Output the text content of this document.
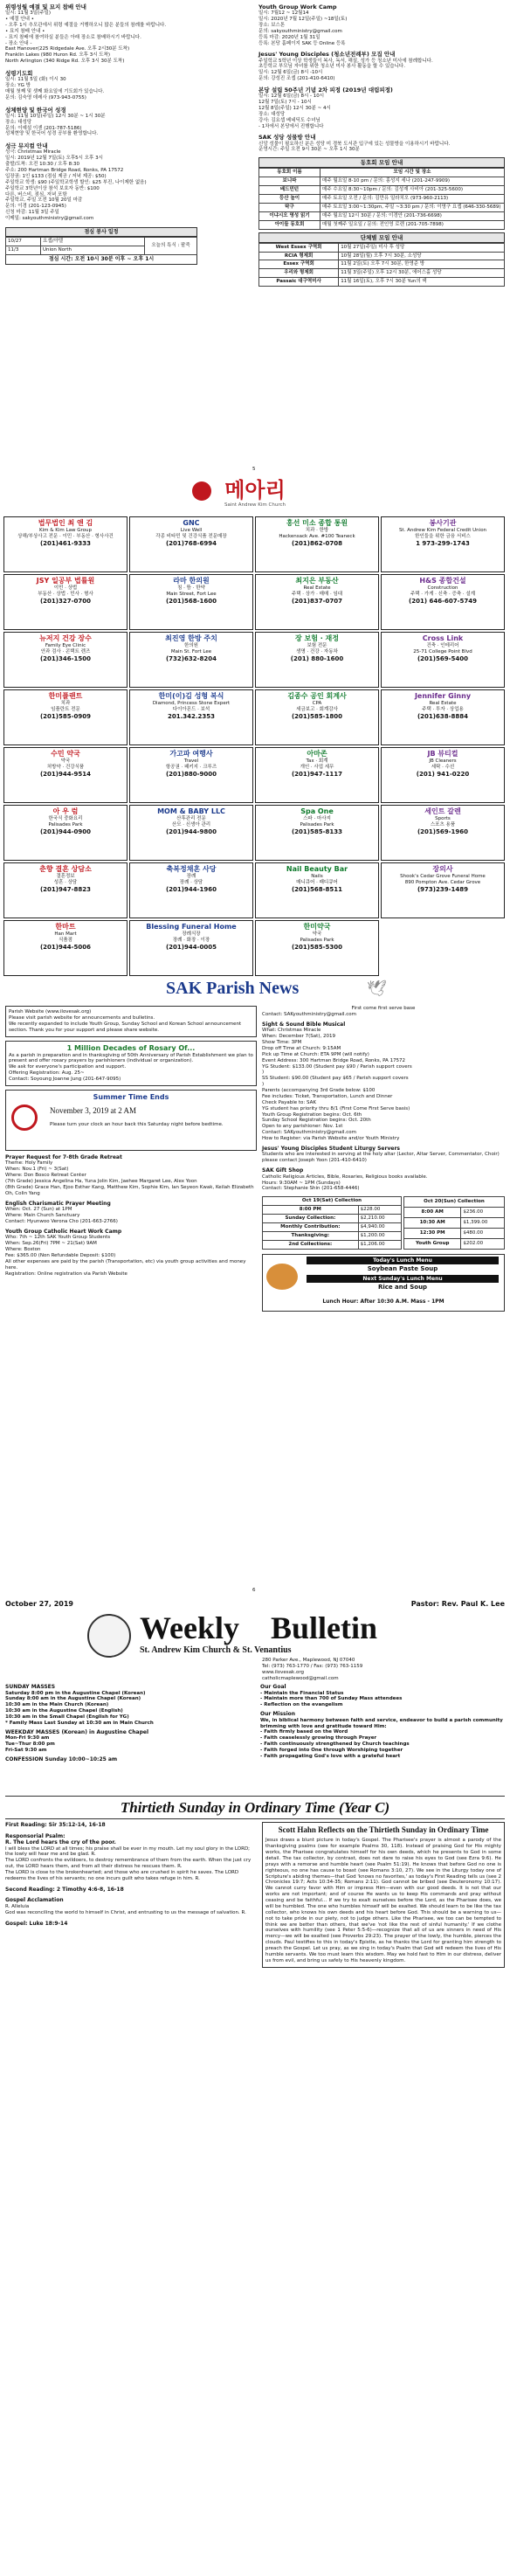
위령성월 예절 및 묘지 참배 안내
일시: 11월 3일(주일)
• 예절 안내 •
- 오후 1시 추모관에서 위령 예절을 거행하오니 많은 분들의 참례를 바랍니다.
• 묘지 참배 안내 •
- 묘지 참배에 참여하실 분들은 아래 장소로 참배하시기 바랍니다.
- 장소 안내 -
East Hanover(225 Ridgedale Ave. 오후 2시30분 도착)
Franklin Lakes (980 Huron Rd. 오후 3시 도착)
North Arlington (340 Ridge Rd. 오후 3시 30분 도착)
성령기도회
일시: 11월 5일 (화) 이시 30
장소: YG 방
매월 첫째 및 셋째 화요일에 기도회가 있습니다.
문의: 김숙영 데레사 (973-943-0755)
성체현양 및 한국어 성경
일시: 11월 10일(주일) 12시 30분 ~ 1시 30분
장소: 대성당
문의: 이예설 이센 (201-787-5186)
성체현양 및 한국어 성경 공부를 환영합니다.
성극 뮤지컬 안내
성극: Christmas Miracle
일시: 2019년 12월 7일(토) 오후5시 오후 3시
출발/도착: 오전 10:30 / 오후 8:30
주소: 200 Hartman Bridge Road, Ronks, PA 17572
입장권: 1인 $133 (점심 제공 / 저녁 제공: $50)
주일학교 학생: $90 (주일학교학생 할인: $25 부진, 나이제한 없음)
주일학교 3학년이상 참석 보호자 동반: $100
다른, 버스비, 점심, 저녁 포함
주일학교, 주일 오전 10월 20일 마감
문의: 이경 (201-123-0945)
신청 마감: 11월 3일 주일
이메일: sakyouthministry@gmail.com
점심 봉사 일정
10/27	요셉/아델	오늘의 특식 : 팥죽
11/3	Union North	
점심 시간: 오전 10시 30분 이후 ~ 오후 1시
Youth Group Work Camp
일시: 7월12 ~ 12월14
일시: 2020년 7월 12일(주일) ~18일(토)
장소: 보스톤
문의: sakyouthministry@gmail.com
등록 마감: 2020년 1월 31일
등록: 본당 홈페이지 SAK 등 Online 등록
Jesus' Young Disciples (청소년전례부) 모집 안내
주일학교 5학년 이상 학생들이 복사, 독서, 해설, 성가 등 청소년 미사에 참례합니다.
초등학교 부모님 자녀를 위한 청소년 미사 봉사 활동을 할 수 있습니다.
일시: 12월 6일(금) 8시 -10시
문의: 강성진 조셉 (201-410-6410)
본당 설립 50주년 기념 2차 피정 (2019년 대림피정)
일시: 12월 6일(금) 8시 - 10시
12월 7일(토) 7시 - 10시
12월 8일(주일) 12시 30분 ~ 4시
장소: 대성당
강사: 김요셉 베네딕도 수녀님
- 1차에서 본당에서 진행합니다
SAK 성당 성물방 안내
신앙 성물이 필요하신 분은 성당 미 경북 도서관 입구에 있는 성물방을 이용하시기 바랍니다.
운영시간: 주일 오전 9시 30분 ~ 오후 1시 30분
동호회 모임 안내
동호회 이름	모임 시간 및 장소
보니따	매주 월요일 8-10 pm / 문의: 홍성지 세나 (201-247-9909)
배드민턴	매주 수요일 8:30~10pm / 문의: 김성재 사비아 (201-325-5600)
등산 놀이	매주 토요일 오전 / 문의: 김만유 일라치오 (973-960-2113)
탁구	매주 토요일 3:00~1:30pm, 주일 ~3:30 pm / 문의: 이영구 요셉 (646-330-5689)
이냐시오 영성 읽기	매주 월요일 12시 30분 / 문의: 이경안 (201-736-6698)
아이들 동호회	매월 첫째주 일요일 / 문의: 전인영 로렌 (201-705-7898)
단체별 모임 안내
West Essex 구역회	10월 27일(주일) 미사 후 성당
RCIA 형제회	10월 28일(월) 오후 7시 30분, 소성당
Essex 구역회	11월 2일(토) 오후 7시 30분, 한영준 방
우리와 형제회	11월 3일(주일) 오후 12시 30분, 에어스홀 성당
Passaic 대구역미사	11월 16일(토), 오후 7시 30분 Yun의 댁
5
메아리
Saint Andrew Kim Church
법무법인 최 앤 김
Kim & Kim Law Group
상해/부상사고 전문 · 이민 · 부동산 · 형사사건
(201)461-9333
GNC
Live Well
각종 비타민 및 건강식품 전문매장
(201)768-6994
홍선 미소 종합 통원
치과 · 한방
Hackensack Ave. #100 Teaneck
(201)862-0708
봉사기관
St. Andrew Kim Federal Credit Union
한인들을 위한 금융 서비스
1 973-299-1743
JSY 일공부 법률원
이민 · 상법
부동산 · 상법 · 민사 · 형사
(201)327-0700
라마 한의원
침 · 뜸 · 한약
Main Street, Fort Lee
(201)568-1600
최지은 부동산
Real Estate
주택 · 상가 · 매매 · 임대
(201)837-0707
H&S 종합건설
Construction
주택 · 가게 · 신축 · 증축 · 설계
(201) 646-607-5749
뉴저지 건강 장수
Family Eye Clinic
안과 검사 · 콘택트 렌즈
(201)346-1500
최진영 한방 주치
한의원
Main St. Fort Lee
(732)632-8204
장 보험 · 재정
보험 전문
생명 · 건강 · 자동차
(201) 880-1600
Cross Link
건축 · 인테리어
25-71 College Point Blvd
(201)569-5400
한미플랜트
치과
임플란트 전문
(201)585-0909
한미(이)김 성형 복식
Diamond, Princess Stone Expert
다이아몬드 · 보석
201.342.2353
김종수 공인 회계사
CPA
세금보고 · 회계감사
(201)585-1800
Jennifer Ginny
Real Estate
주택 · 투자 · 상업용
(201)638-8884
수민 약국
약국
처방약 · 건강식품
(201)944-9514
가고파 여행사
Travel
항공권 · 패키지 · 크루즈
(201)880-9000
아마존
Tax · 회계
개인 · 사업 세무
(201)947-1117
JB 뷰티컬
JB Cleaners
세탁 · 수선
(201) 941-0220
아 우 럼
한국식 중화요리
Palisades Park
(201)944-0900
MOM & BABY LLC
산후관리 전문
산모 · 신생아 관리
(201)944-9800
Spa One
스파 · 마사지
Palisades Park
(201)585-8133
세인트 갈렌
Sports
스포츠 용품
(201)569-1960
춘향 결혼 상담소
결혼정보
성혼 · 상담
(201)947-8823
축복정채혼 사당
장례
장례 · 상담
(201)944-1960
Nail Beauty Bar
Nails
매니큐어 · 패디큐어
(201)568-8511
장의사
Shook's Cedar Grove Funeral Home
890 Pompton Ave. Cedar Grove
(973)239-1489
한마트
Han Mart
식품점
(201)944-5006
Blessing Funeral Home
장례식장
장례 · 화장 · 이장
(201)944-0005
한미약국
약국
Palisades Park
(201)585-5300
SAK Parish News	🕊
Parish Website (www.ilovesak.org)
Please visit parish website for announcements and bulletins.
We recently expanded to include Youth Group, Sunday School and Korean School announcement section. Thank you for your support and please share website.
1 Million Decades of Rosary Of...
As a parish in preparation and in thanksgiving of 50th Anniversary of Parish Establishment we plan to present and offer rosary prayers by parishioners (individual or organization).
We ask for everyone's participation and support.
Offering Registration: Aug. 25~
Contact: Soyoung Joanne Jung (201-647-9095)
Summer Time Ends
November 3, 2019 at 2 AM
Please turn your clock an hour back this Saturday night before bedtime.
Prayer Request for 7-8th Grade Retreat
Theme: Holy Family
When: Nov.1 (Fri) ~ 3(Sat)
Where: Don Bosco Retreat Center
(7th Grade) Jessica Angelina Ha, Yuna Jolin Kim, Jaehee Margaret Lee, Alex Yoon
(8th Grade) Grace Han, Ejoo Esther Kang, Matthew Kim, Sophie Kim, Ian Seyeon Kwak, Keilah Elizabeth Oh, Colin Yang
English Charismatic Prayer Meeting
When: Oct. 27 (Sun) at 1PM
Where: Main Church Sanctuary
Contact: Hyunwoo Verona Cho (201-663-2766)
Youth Group Catholic Heart Work Camp
Who: 7th ~ 12th SAK Youth Group Students
When: Sep.26(Fri) 7PM ~ 21(Sat) 9AM
Where: Boston
Fee: $365.00 (Non Refundable Deposit: $100)
All other expenses are paid by the parish (Transportation, etc) via youth group activities and money here.
Registration: Online registration via Parish Website
First come first serve base
Contact: SAKyouthministry@gmail.com
Sight & Sound Bible Musical
What: Christmas Miracle
When: December 7(Sat), 2019
Show Time: 3PM
Drop off Time at Church: 9:15AM
Pick up Time at Church: ETA 9PM (will notify)
Event Address: 300 Hartman Bridge Road, Ronks, PA 17572
YG Student: $133.00 (Student pay $90 / Parish support covers
)
SS Student: $90.00 (Student pay $65 / Parish support covers
)
Parents (accompanying 3rd Grade below: $100
Fee includes: Ticket, Transportation, Lunch and Dinner
Check Payable to: SAK
YG student has priority thru 8/1 (First Come First Serve basis)
Youth Group Registration begins: Oct. 6th
Sunday School Registration begins: Oct. 20th
Open to any parishioner: Nov. 1st
Contact: SAKyouthministry@gmail.com
How to Register: via Parish Website and/or Youth Ministry
Jesus' Young Disciples Student Liturgy Servers
Students who are interested in serving at the holy altar (Lector, Altar Server, Commentator, Choir) please contact Joseph Yoon (201-410-6410)
SAK Gift Shop
Catholic Religious Articles, Bible, Rosaries, Religious books available.
Hours: 9:30AM ~ 1PM (Sundays)
Contact: Stephanie Shin (201-658-4446)
Oct 19(Sat) Collection	
8:00 PM	$228.00
Sunday Collection:	$2,210.00
Monthly Contribution:	$4,940.00
Thanksgiving:	$1,200.00
2nd Collections:	$1,206.00
Oct 20(Sun) Collection	
8:00 AM	$236.00
10:30 AM	$1,399.00
12:30 PM	$480.00
Youth Group	$202.00
Today's Lunch Menu
Soybean Paste Soup
Next Sunday's Lunch Menu
Rice and Soup
Lunch Hour: After 10:30 A.M. Mass - 1PM
6
October 27, 2019	Pastor: Rev. Paul K. Lee
Weekly Bulletin
St. Andrew Kim Church & St. Venantius
280 Parker Ave., Maplewood, NJ 07040
Tel: (973) 763-1770 / Fax: (973) 763-1159
www.ilovesak.org
catholicmaplewood@gmail.com
SUNDAY MASSES
Saturday 8:00 pm in the Augustine Chapel (Korean)
Sunday 8:00 am in the Augustine Chapel (Korean)
10:30 am in the Main Church (Korean)
10:30 am in the Augustine Chapel (English)
10:30 am in the Small Chapel (English for YG)
* Family Mass Last Sunday at 10:30 am in Main Church
WEEKDAY MASSES (Korean) in Augustine Chapel
Mon-Fri 9:30 am
Tue~Thur 8:00 pm
Fri-Sat 9:30 am
CONFESSION Sunday 10:00~10:25 am
Our Goal
- Maintain the Financial Status
- Maintain more than 700 of Sunday Mass attendees
- Reflection on the evangelism
Our Mission
We, in biblical harmony between faith and service, endeavor to build a parish community brimming with love and gratitude toward Him:
- Faith firmly based on the Word
- Faith ceaselessly growing through Prayer
- Faith continuously strengthened by Church teachings
- Faith forged into One through Worshiping together
- Faith propagating God's love with a grateful heart
Thirtieth Sunday in Ordinary Time (Year C)
First Reading: Sir 35:12-14, 16-18
Responsorial Psalm:
R. The Lord hears the cry of the poor.
I will bless the LORD at all times; his praise shall be ever in my mouth. Let my soul glory in the LORD; the lowly will hear me and be glad. R.
The LORD confronts the evildoers, to destroy remembrance of them from the earth. When the just cry out, the LORD hears them, and from all their distress he rescues them. R.
The LORD is close to the brokenhearted; and those who are crushed in spirit he saves. The LORD redeems the lives of his servants; no one incurs guilt who takes refuge in him. R.
Second Reading: 2 Timothy 4:6-8, 16-18
Gospel Acclamation
R. Alleluia
God was reconciling the world to himself in Christ, and entrusting to us the message of salvation. R.
Gospel: Luke 18:9-14
Scott Hahn Reflects on the Thirtieth Sunday in Ordinary Time
Jesus draws a blunt picture in today's Gospel. The Pharisee's prayer is almost a parody of the thanksgiving psalms (see for example Psalms 30, 118). Instead of praising God for His mighty works, the Pharisee congratulates himself for his own deeds, which he presents to God in some detail. The tax collector, by contrast, does not dare to raise his eyes to God (see Ezra 9:6). He prays with a remorse and humble heart (see Psalm 51:19). He knows that before God no one is righteous, no one has cause to boast (see Romans 3:10, 27). We see in the Liturgy today one of Scripture's abiding themes—that God 'knows no favorites,' as today's First Reading tells us (see 2 Chronicles 19:7; Acts 10:34-35; Romans 2:11). God cannot be bribed (see Deuteronomy 10:17). We cannot curry favor with Him or impress Him—even with our good deeds. It is not that our works are not important; and of course He wants us to keep His commands and pray without ceasing and be faithful... If we try to exalt ourselves before the Lord, as the Pharisee does, we will be humbled. The one who humbles himself will be exalted. We should learn to be like the tax collector, who knows his own deeds and his heart before God. This should be a warning to us—not to take pride in our piety, not to judge others. Like the Pharisee, we too can be tempted to think we are better than others, that we've 'not like the rest of sinful humanity.' If we clothe ourselves with humility (see 1 Peter 5:5-6)—recognize that all of us are sinners in need of His mercy—we will be exalted (see Proverbs 29:23). The prayer of the lowly, the humble, pierces the clouds. Paul testifies to this in today's Epistle, as he thanks the Lord for granting him strength to preach the Gospel. Let us pray, as we sing in today's Psalm that God will redeem the lives of His humble servants. We too must learn this wisdom. May we hold fast to Him in our distress, deliver us from evil, and bring us safely to His heavenly kingdom.
